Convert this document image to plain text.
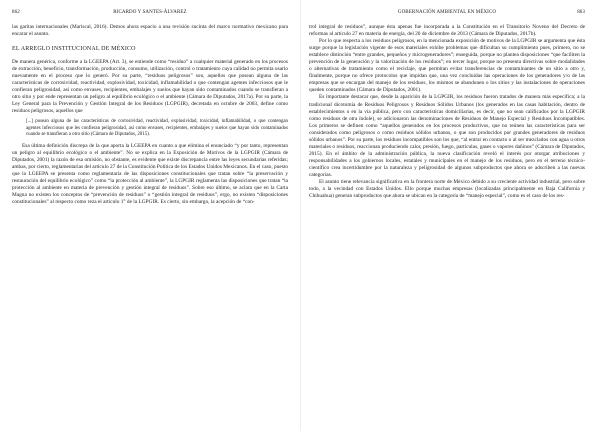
RICARDO Y SANTES-ÁLVAREZ
862

las garitas internacionales (Mariscal, 2016). Demos ahora espacio a una revisión sucinta del marco normativo mexicano para encarar el asunto.

EL ARREGLO INSTITUCIONAL DE MÉXICO

De manera genérica, conforme a la LGEEPA (Art. 3), se entiende como “residuo” a cualquier material generado en los procesos de extracción, beneficio, transformación, producción, consumo, utilización, control o tratamiento cuya calidad no permita usarlo nuevamente en el proceso que lo generó. Por su parte, “residuos peligrosos” son, aquellos que posean alguna de las características de corrosividad, reactividad, explosividad, toxicidad, inflamabilidad o que contengan agentes infecciosos que le confieran peligrosidad, así como envases, recipientes, embalajes y suelos que hayan sido contaminados cuando se transfieran a otro sitio y por ende representan un peligro al equilibrio ecológico o el ambiente (Cámara de Diputados, 2017a). Por su parte, la Ley General para la Prevención y Gestión Integral de los Residuos (LGPGIR), decretada en octubre de 2003, define como residuos peligrosos, aquellos que

[...] posean alguna de las características de corrosividad, reactividad, explosividad, toxicidad, inflamabilidad, o que contengan agentes infecciosos que les confieran peligrosidad, así como envases, recipientes, embalajes y suelos que hayan sido contaminados cuando se transfieran a otro sitio (Cámara de Diputados, 2015).

Esa última definición discrepa de la que aporta la LGEEPA en cuanto a que elimina el enunciado “y por tanto, representan un peligro al equilibrio ecológico o el ambiente”. No se explica en la Exposición de Motivos de la LGPGIR (Cámara de Diputados, 2001) la razón de esa omisión, no obstante, es evidente que existe discrepancia entre las leyes secundarias referidas; ambas, por cierto, reglamentarias del artículo 27 de la Constitución Política de los Estados Unidos Mexicanos. En el caso, puesto que la LGEEPA se presenta como reglamentaria de las disposiciones constitucionales que tratan sobre “la preservación y restauración del equilibrio ecológico” como “la protección al ambiente”, la LGPGIR reglamenta las disposiciones que tratan “la protección al ambiente en materia de prevención y gestión integral de residuos”. Sobre eso último, se aclara que en la Carta Magna no existen los conceptos de “prevención de residuos” o “gestión integral de residuos”, ergo, no existen “disposiciones constitucionales” al respecto como reza el artículo 1° de la LGPGIR. Es cierto, sin embargo, la acepción de “con-

GOBERNACIÓN AMBIENTAL EN MÉXICO	863

trol integral de residuos”, aunque ésta apenas fue incorporada a la Constitución en el Transitorio Noveno del Decreto de reformas al artículo 27 en materia de energía, del 20 de diciembre de 2013 (Cámara de Diputados, 2017b).

Por lo que respecta a los residuos peligrosos, en la mencionada exposición de motivos de la LGPGIR se argumenta que ésta surge porque la legislación vigente de esos materiales exhibe problemas que dificultan su cumplimiento pues, primero, no se establece distinción “entre grandes, pequeños y microgeneradores”; enseguida, porque no plantea disposiciones “que faciliten la prevención de la generación y la valorización de los residuos”; en tercer lugar, porque no presenta directivas sobre modalidades o alternativas de tratamiento como el reciclaje, que permitan evitar transferencias de contaminantes de un sitio a otro y, finalmente, porque no ofrece protocolos que impidan que, una vez concluidas las operaciones de los generadores y/o de las empresas que se encargan del manejo de los residuos, los mismos se abandonen o los sitios y las instalaciones de operaciones queden contaminados (Cámara de Diputados, 2001).

Es importante destacar que, desde la aparición de la LGPGIR, los residuos fueron tratados de manera más específica; a la tradicional dicotomía de Residuos Peligrosos y Residuos Sólidos Urbanos (los generados en las casas habitación, dentro de establecimientos o en la vía pública, pero con características domiciliarias, es decir, que no sean calificados por la LGPGIR como residuos de otra índole), se adicionaron las denominaciones de Residuos de Manejo Especial y Residuos Incompatibles. Los primeros se definen como “aquellos generados en los procesos productivos, que no reúnen las características para ser considerados como peligrosos o como residuos sólidos urbanos, o que son producidos por grandes generadores de residuos sólidos urbanos”. Por su parte, los residuos incompatibles son los que, “al entrar en contacto o al ser mezclados con agua u otros materiales o residuos, reaccionan produciendo calor, presión, fuego, partículas, gases o vapores dañinos” (Cámara de Diputados, 2015). En el ámbito de la administración pública, la nueva clasificación reveló el interés por otorgar atribuciones y responsabilidades a los gobiernos locales, estatales y municipales en el manejo de los residuos, pero en el terreno técnico-científico crea incertidumbre por la naturaleza y peligrosidad de algunos subproductos que ahora se adscriben a las nuevas categorías.

El asunto tiene relevancia significativa en la frontera norte de México debido a su creciente actividad industrial, pero sobre todo, a la vecindad con Estados Unidos. Ello porque muchas empresas (localizadas principalmente en Baja California y Chihuahua) generan subproductos que ahora se ubican en la categoría de “manejo especial”, como es el caso de los res-
